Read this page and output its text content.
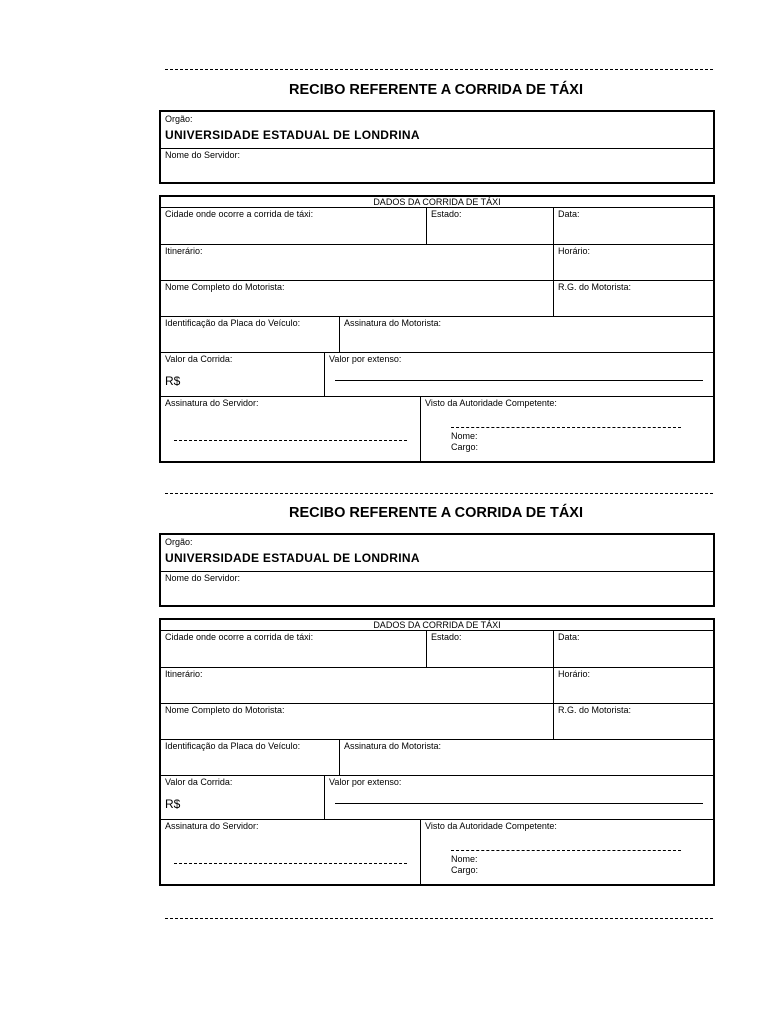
RECIBO REFERENTE A CORRIDA DE TÁXI
Orgão:
UNIVERSIDADE ESTADUAL DE LONDRINA
Nome do Servidor:
DADOS DA CORRIDA DE TÁXI
Cidade onde ocorre a corrida de táxi:	Estado:	Data:
Itinerário:	Horário:
Nome Completo do Motorista:	R.G. do Motorista:
Identificação da Placa do Veículo:	Assinatura do Motorista:
Valor da Corrida:
R$
Valor por extenso:
Assinatura do Servidor:	Visto da Autoridade Competente:
Nome:
Cargo:
RECIBO REFERENTE A CORRIDA DE TÁXI
Orgão:
UNIVERSIDADE ESTADUAL DE LONDRINA
Nome do Servidor:
DADOS DA CORRIDA DE TÁXI
Cidade onde ocorre a corrida de táxi:	Estado:	Data:
Itinerário:	Horário:
Nome Completo do Motorista:	R.G. do Motorista:
Identificação da Placa do Veículo:	Assinatura do Motorista:
Valor da Corrida:
R$
Valor por extenso:
Assinatura do Servidor:	Visto da Autoridade Competente:
Nome:
Cargo:
